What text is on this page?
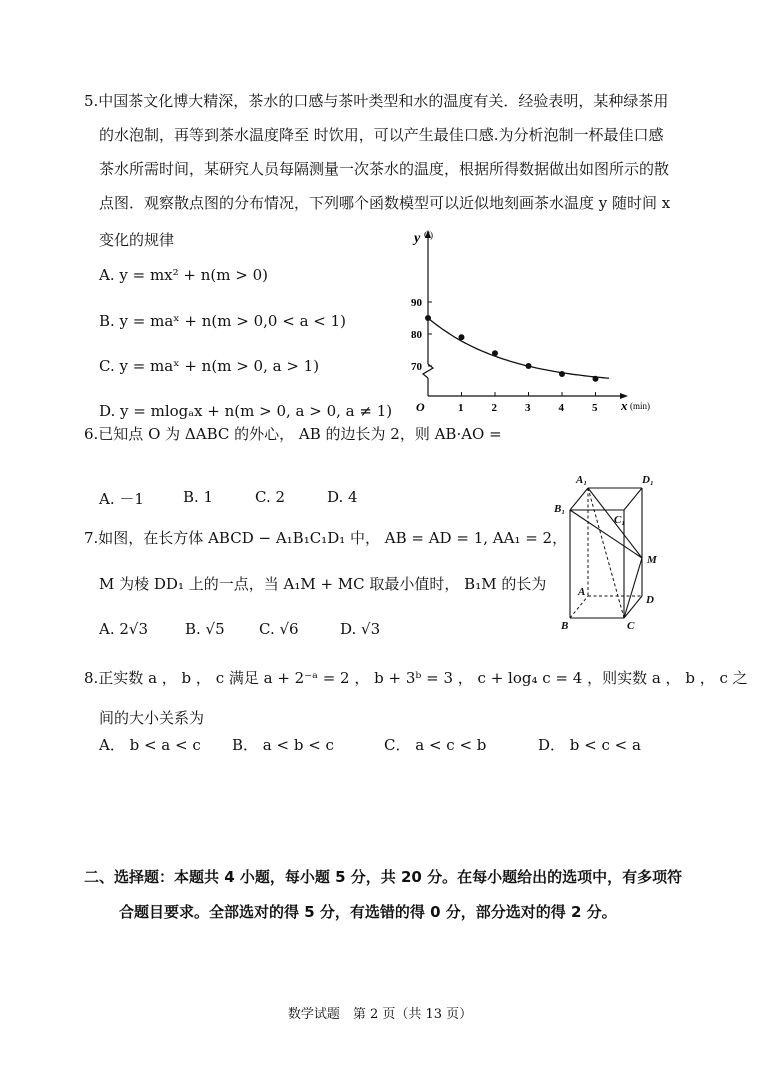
5.中国茶文化博大精深，茶水的口感与茶叶类型和水的温度有关．经验表明，某种绿茶用
的水泡制，再等到茶水温度降至 时饮用，可以产生最佳口感.为分析泡制一杯最佳口感
茶水所需时间，某研究人员每隔测量一次茶水的温度，根据所得数据做出如图所示的散
点图．观察散点图的分布情况，下列哪个函数模型可以近似地刻画茶水温度 y 随时间 x
变化的规律
A. y = mx² + n(m > 0)
B. y = maˣ + n(m > 0,0 < a < 1)
C. y = maˣ + n(m > 0, a > 1)
D. y = mlogₐx + n(m > 0, a > 0, a ≠ 1)
y C)
x (min)
O	1	2	3	4	5
70
80
90
6.已知点 O 为 ΔABC 的外心， AB 的边长为 2，则 AB·AO =
A. －1	B. 1	C. 2	D. 4
7.如图，在长方体 ABCD − A₁B₁C₁D₁ 中， AB = AD = 1, AA₁ = 2，
M 为棱 DD₁ 上的一点，当 A₁M + MC 取最小值时， B₁M 的长为
A. 2√3 B. √5 C. √6	D. √3
A₁	D₁
B₁
C₁
M
A
D
B	C
8.正实数 a ， b ， c 满足 a + 2⁻ᵃ = 2 ， b + 3ᵇ = 3 ， c + log₄ c = 4 ，则实数 a ， b ， c 之
间的大小关系为
A． b < a < c B． a < b < c	C． a < c < b	D． b < c < a
二、选择题：本题共 4 小题，每小题 5 分，共 20 分。在每小题给出的选项中，有多项符
合题目要求。全部选对的得 5 分，有选错的得 0 分，部分选对的得 2 分。
数学试题　第 2 页（共 13 页）
